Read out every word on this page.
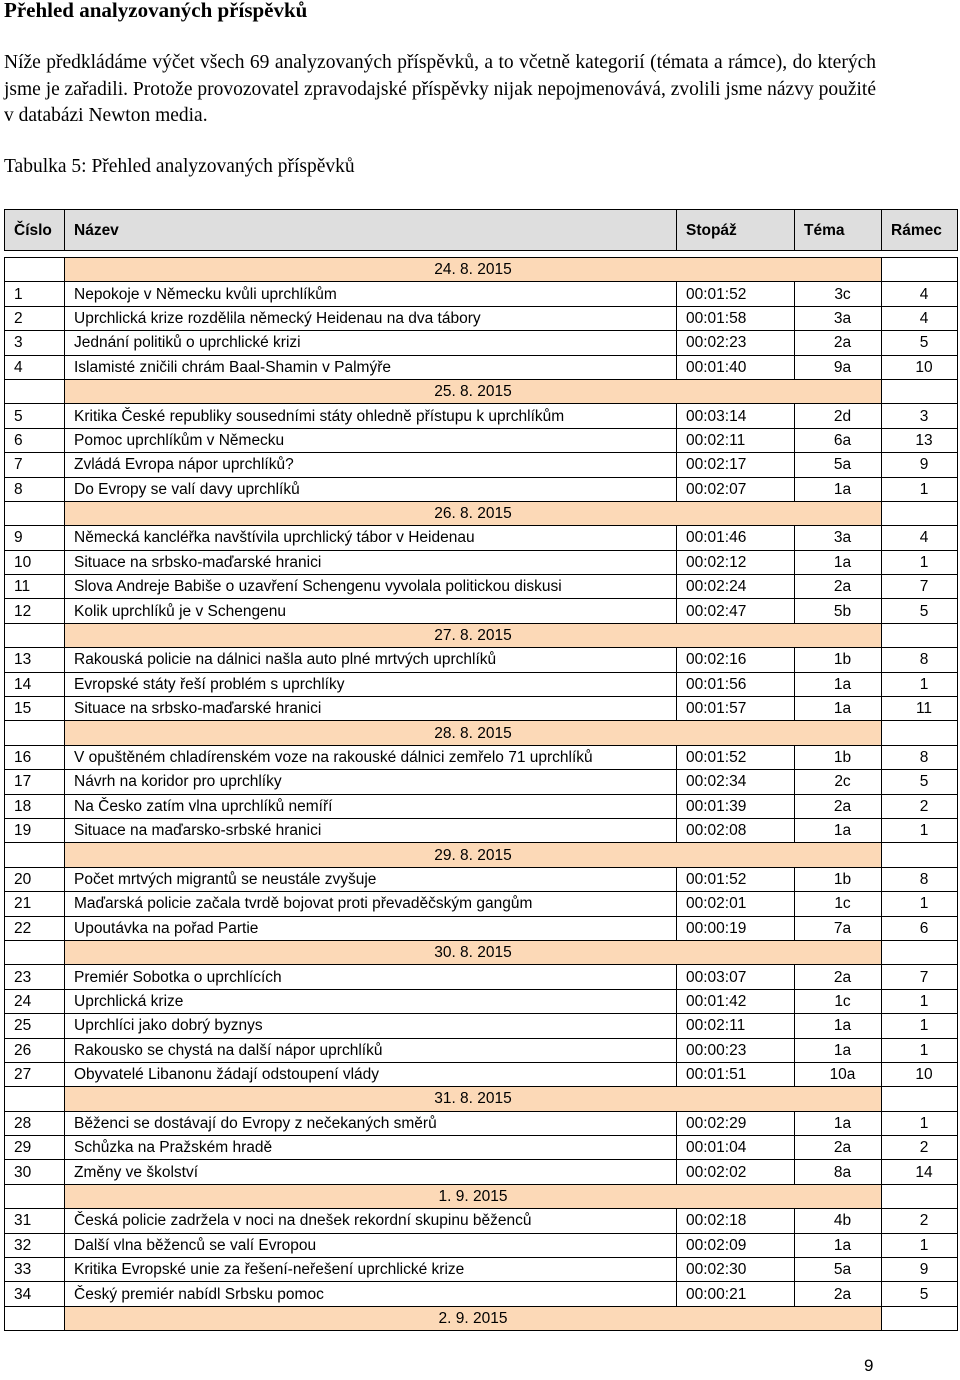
Přehled analyzovaných příspěvků
Níže předkládáme výčet všech 69 analyzovaných příspěvků, a to včetně kategorií (témata a rámce), do kterých jsme je zařadili. Protože provozovatel zpravodajské příspěvky nijak nepojmenovává, zvolili jsme názvy použité v databázi Newton media.
Tabulka 5: Přehled analyzovaných příspěvků
Číslo	Název	Stopáž	Téma	Rámec

	24. 8. 2015			
1	Nepokoje v Německu kvůli uprchlíkům	00:01:52	3c	4
2	Uprchlická krize rozdělila německý Heidenau na dva tábory	00:01:58	3a	4
3	Jednání politiků o uprchlické krizi	00:02:23	2a	5
4	Islamisté zničili chrám Baal-Shamin v Palmýře	00:01:40	9a	10
	25. 8. 2015			
5	Kritika České republiky sousedními státy ohledně přístupu k uprchlíkům	00:03:14	2d	3
6	Pomoc uprchlíkům v Německu	00:02:11	6a	13
7	Zvládá Evropa nápor uprchlíků?	00:02:17	5a	9
8	Do Evropy se valí davy uprchlíků	00:02:07	1a	1
	26. 8. 2015			
9	Německá kancléřka navštívila uprchlický tábor v Heidenau	00:01:46	3a	4
10	Situace na srbsko-maďarské hranici	00:02:12	1a	1
11	Slova Andreje Babiše o uzavření Schengenu vyvolala politickou diskusi	00:02:24	2a	7
12	Kolik uprchlíků je v Schengenu	00:02:47	5b	5
	27. 8. 2015			
13	Rakouská policie na dálnici našla auto plné mrtvých uprchlíků	00:02:16	1b	8
14	Evropské státy řeší problém s uprchlíky	00:01:56	1a	1
15	Situace na srbsko-maďarské hranici	00:01:57	1a	11
	28. 8. 2015			
16	V opuštěném chladírenském voze na rakouské dálnici zemřelo 71 uprchlíků	00:01:52	1b	8
17	Návrh na koridor pro uprchlíky	00:02:34	2c	5
18	Na Česko zatím vlna uprchlíků nemíří	00:01:39	2a	2
19	Situace na maďarsko-srbské hranici	00:02:08	1a	1
	29. 8. 2015			
20	Počet mrtvých migrantů se neustále zvyšuje	00:01:52	1b	8
21	Maďarská policie začala tvrdě bojovat proti převaděčským gangům	00:02:01	1c	1
22	Upoutávka na pořad Partie	00:00:19	7a	6
	30. 8. 2015			
23	Premiér Sobotka o uprchlících	00:03:07	2a	7
24	Uprchlická krize	00:01:42	1c	1
25	Uprchlíci jako dobrý byznys	00:02:11	1a	1
26	Rakousko se chystá na další nápor uprchlíků	00:00:23	1a	1
27	Obyvatelé Libanonu žádají odstoupení vlády	00:01:51	10a	10
	31. 8. 2015			
28	Běženci se dostávají do Evropy z nečekaných směrů	00:02:29	1a	1
29	Schůzka na Pražském hradě	00:01:04	2a	2
30	Změny ve školství	00:02:02	8a	14
	1. 9. 2015			
31	Česká policie zadržela v noci na dnešek rekordní skupinu běženců	00:02:18	4b	2
32	Další vlna běženců se valí Evropou	00:02:09	1a	1
33	Kritika Evropské unie za řešení-neřešení uprchlické krize	00:02:30	5a	9
34	Český premiér nabídl Srbsku pomoc	00:00:21	2a	5
	2. 9. 2015			
9
